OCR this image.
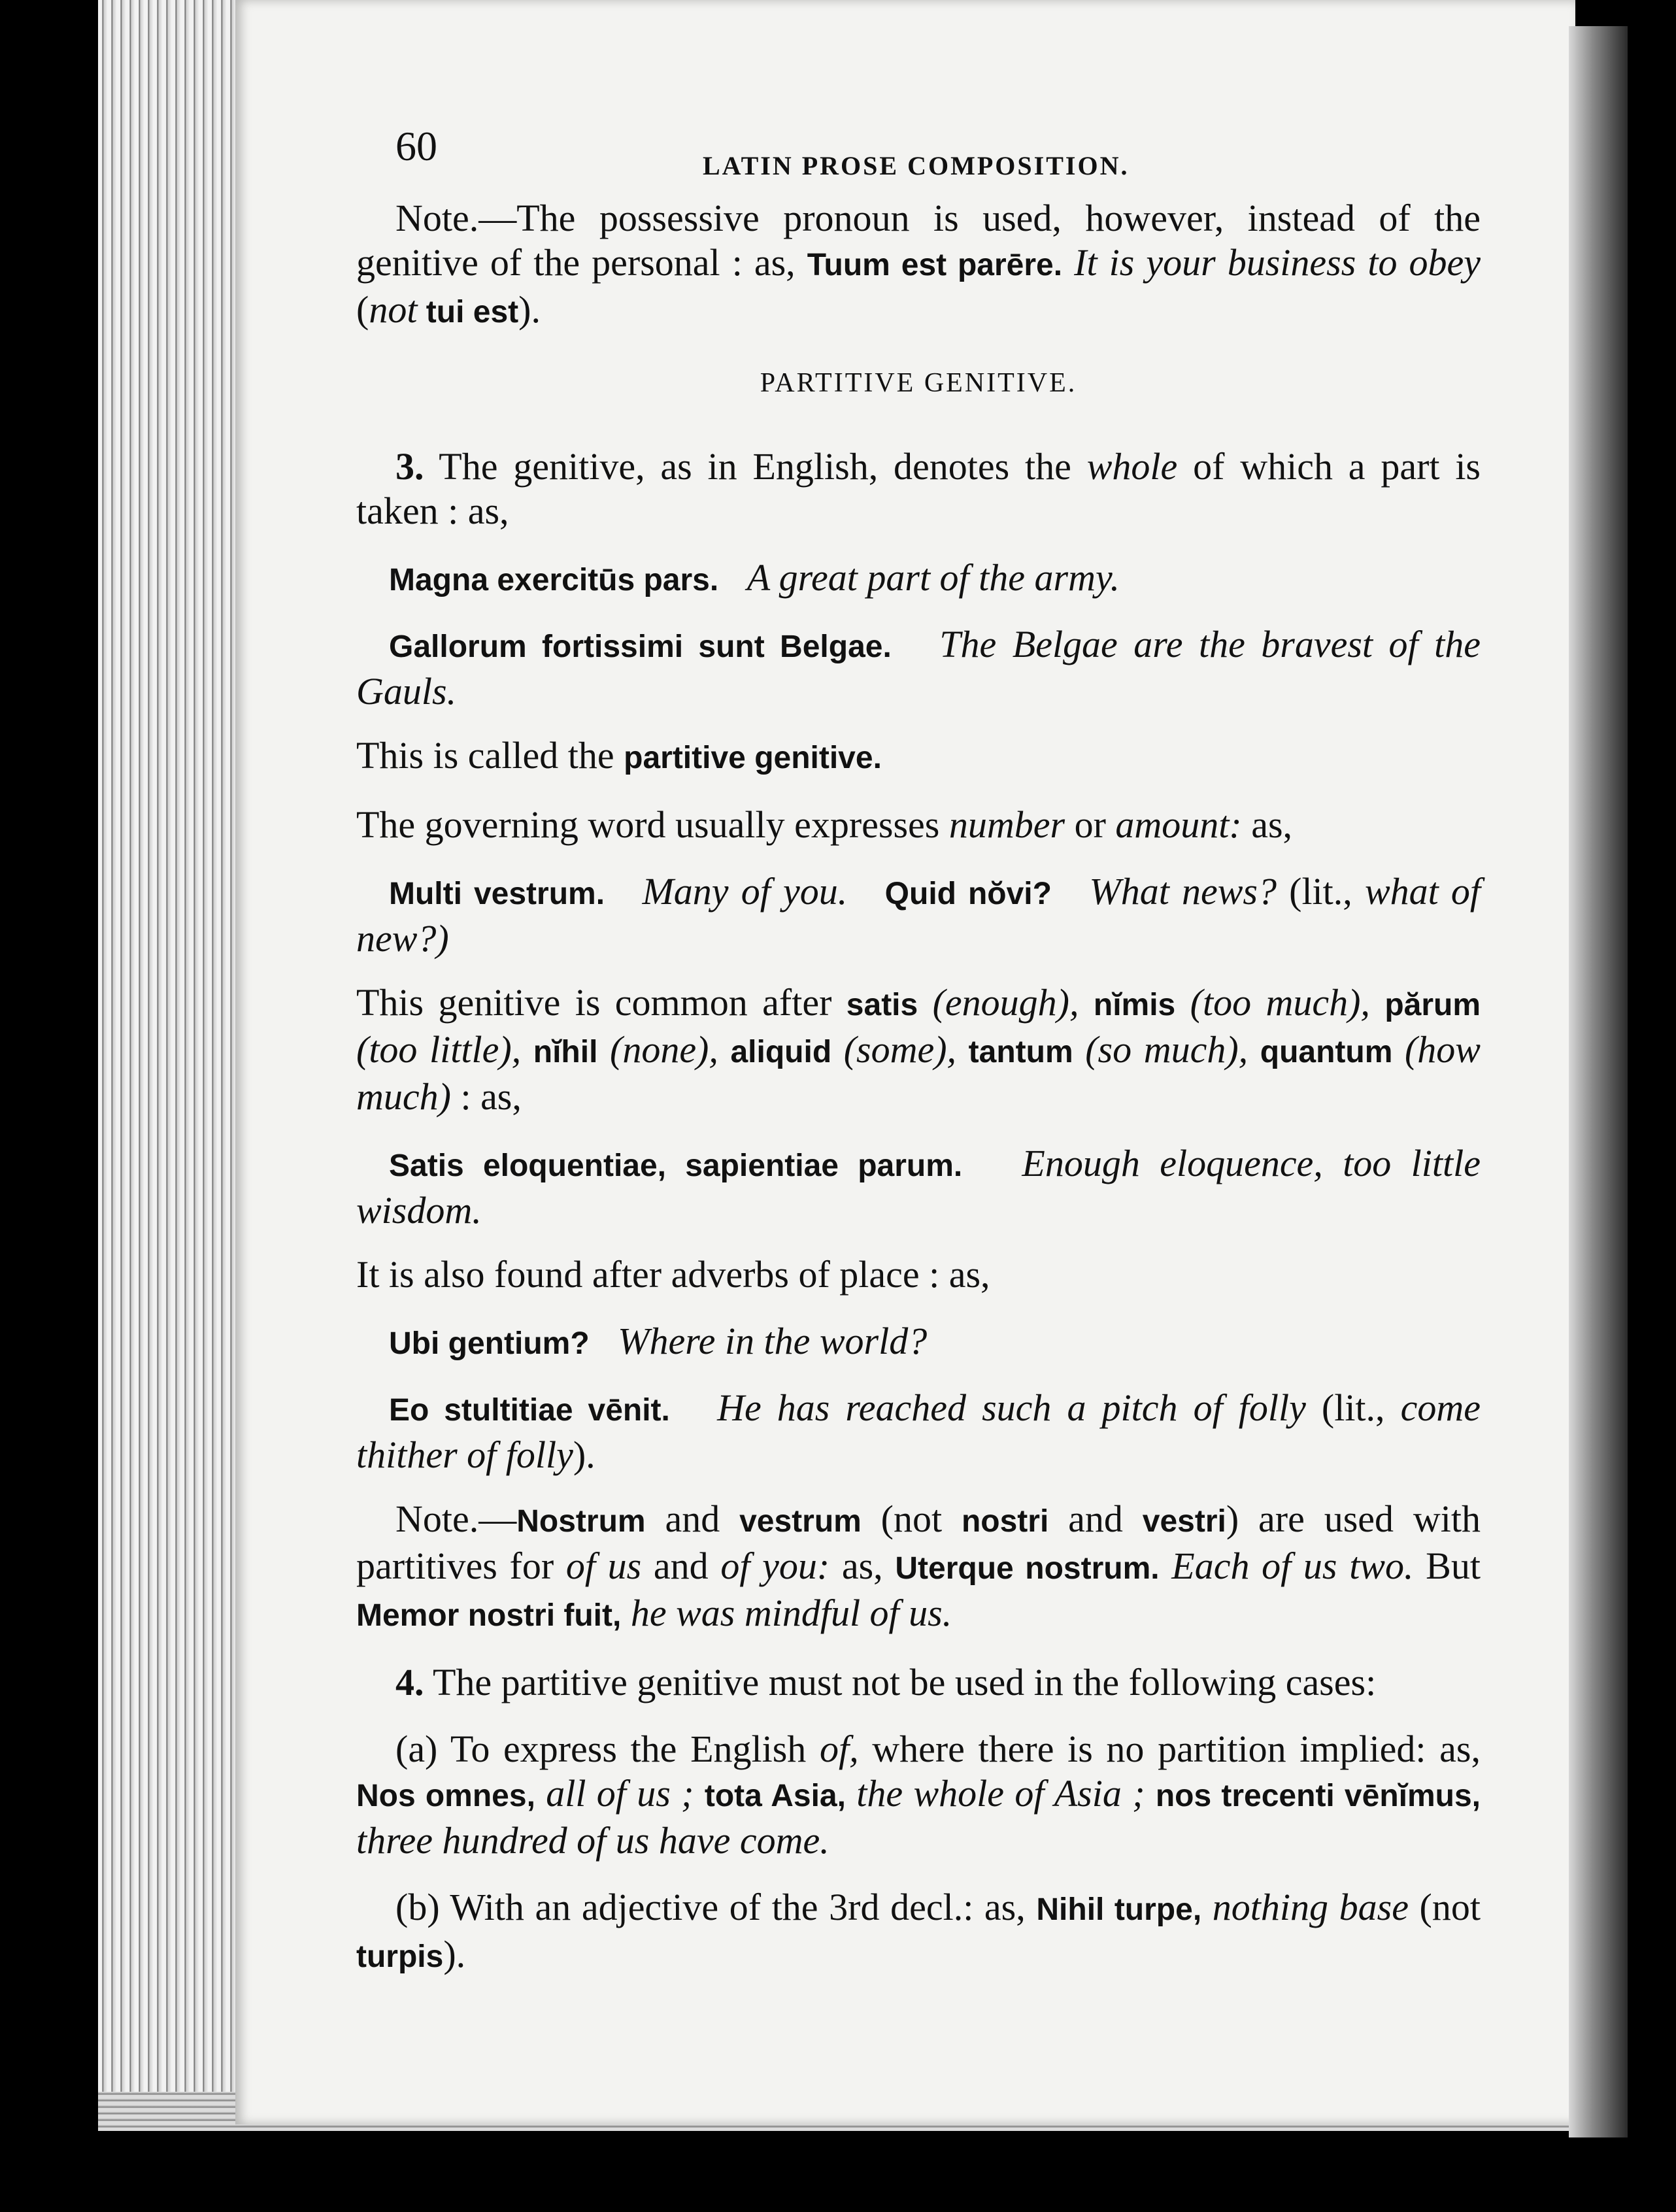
60	LATIN PROSE COMPOSITION.

Note.—The possessive pronoun is used, however, instead of the genitive of the personal : as, Tuum est parēre. It is your business to obey (not tui est).

PARTITIVE GENITIVE.

3. The genitive, as in English, denotes the whole of which a part is taken : as,

Magna exercitūs pars. A great part of the army.

Gallorum fortissimi sunt Belgae. The Belgae are the bravest of the Gauls.

This is called the partitive genitive.

The governing word usually expresses number or amount: as,

Multi vestrum. Many of you. Quid nŏvi? What news? (lit., what of new?)

This genitive is common after satis (enough), nĭmis (too much), părum (too little), nĭhil (none), aliquid (some), tantum (so much), quantum (how much) : as,

Satis eloquentiae, sapientiae parum. Enough eloquence, too little wisdom.

It is also found after adverbs of place : as,

Ubi gentium? Where in the world?

Eo stultitiae vēnit. He has reached such a pitch of folly (lit., come thither of folly).

Note.—Nostrum and vestrum (not nostri and vestri) are used with partitives for of us and of you: as, Uterque nostrum. Each of us two. But Memor nostri fuit, he was mindful of us.

4. The partitive genitive must not be used in the following cases:

(a) To express the English of, where there is no partition implied: as, Nos omnes, all of us ; tota Asia, the whole of Asia ; nos trecenti vēnĭmus, three hundred of us have come.

(b) With an adjective of the 3rd decl.: as, Nihil turpe, nothing base (not turpis).
